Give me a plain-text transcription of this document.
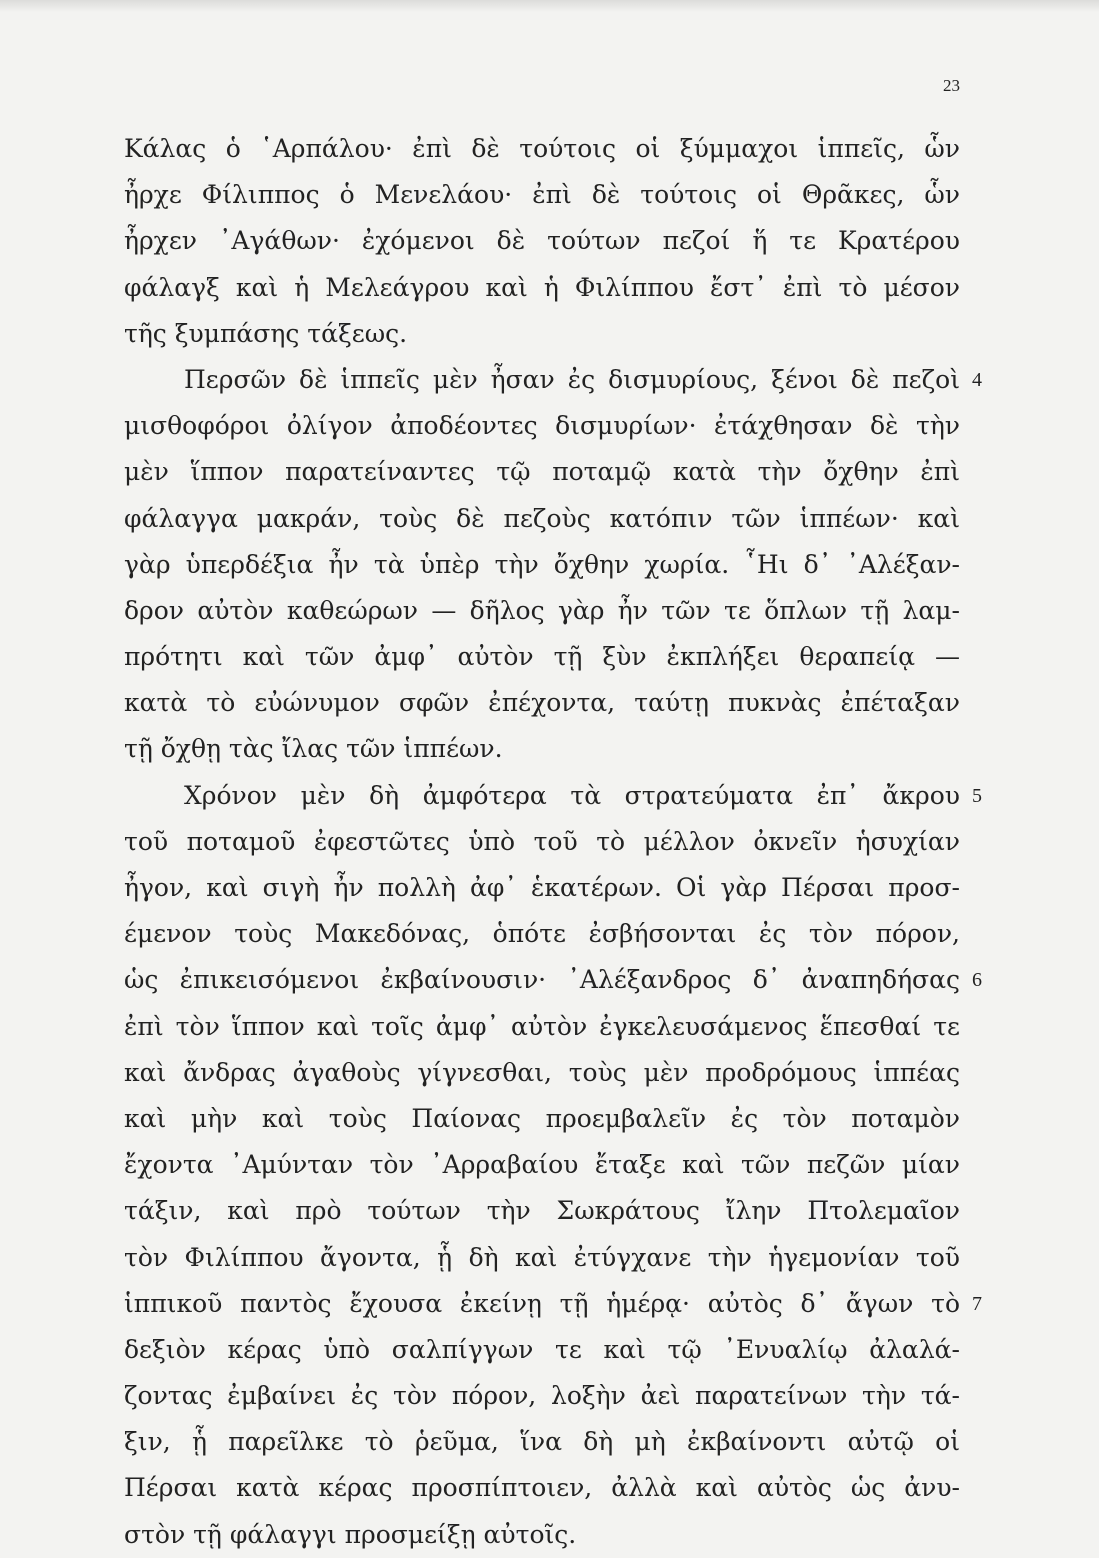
23
Κάλας ὁ ῾Αρπάλου· ἐπὶ δὲ τούτοις οἱ ξύμμαχοι ἱππεῖς, ὧν
ἦρχε Φίλιππος ὁ Μενελάου· ἐπὶ δὲ τούτοις οἱ Θρᾶκες, ὧν
ἦρχεν ᾿Αγάθων· ἐχόμενοι δὲ τούτων πεζοί ἥ τε Κρατέρου
φάλαγξ καὶ ἡ Μελεάγρου καὶ ἡ Φιλίππου ἔστ᾿ ἐπὶ τὸ μέσον
τῆς ξυμπάσης τάξεως.
Περσῶν δὲ ἱππεῖς μὲν ἦσαν ἐς δισμυρίους, ξένοι δὲ πεζοὶ 4
μισθοφόροι ὀλίγον ἀποδέοντες δισμυρίων· ἐτάχθησαν δὲ τὴν
μὲν ἵππον παρατείναντες τῷ ποταμῷ κατὰ τὴν ὄχθην ἐπὶ
φάλαγγα μακράν, τοὺς δὲ πεζοὺς κατόπιν τῶν ἱππέων· καὶ
γὰρ ὑπερδέξια ἦν τὰ ὑπὲρ τὴν ὄχθην χωρία. ῟Ηι δ᾿ ᾿Αλέξαν-
δρον αὐτὸν καθεώρων — δῆλος γὰρ ἦν τῶν τε ὅπλων τῇ λαμ-
πρότητι καὶ τῶν ἀμφ᾿ αὐτὸν τῇ ξὺν ἐκπλήξει θεραπείᾳ —
κατὰ τὸ εὐώνυμον σφῶν ἐπέχοντα, ταύτῃ πυκνὰς ἐπέταξαν
τῇ ὄχθῃ τὰς ἴλας τῶν ἱππέων.
Χρόνον μὲν δὴ ἀμφότερα τὰ στρατεύματα ἐπ᾿ ἄκρου 5
τοῦ ποταμοῦ ἐφεστῶτες ὑπὸ τοῦ τὸ μέλλον ὀκνεῖν ἡσυχίαν
ἦγον, καὶ σιγὴ ἦν πολλὴ ἀφ᾿ ἑκατέρων. Οἱ γὰρ Πέρσαι προσ-
έμενον τοὺς Μακεδόνας, ὁπότε ἐσβήσονται ἐς τὸν πόρον,
ὡς ἐπικεισόμενοι ἐκβαίνουσιν· ᾿Αλέξανδρος δ᾿ ἀναπηδήσας 6
ἐπὶ τὸν ἵππον καὶ τοῖς ἀμφ᾿ αὐτὸν ἐγκελευσάμενος ἕπεσθαί τε
καὶ ἄνδρας ἀγαθοὺς γίγνεσθαι, τοὺς μὲν προδρόμους ἱππέας
καὶ μὴν καὶ τοὺς Παίονας προεμβαλεῖν ἐς τὸν ποταμὸν
ἔχοντα ᾿Αμύνταν τὸν ᾿Αρραβαίου ἔταξε καὶ τῶν πεζῶν μίαν
τάξιν, καὶ πρὸ τούτων τὴν Σωκράτους ἴλην Πτολεμαῖον
τὸν Φιλίππου ἄγοντα, ᾗ δὴ καὶ ἐτύγχανε τὴν ἡγεμονίαν τοῦ
ἱππικοῦ παντὸς ἔχουσα ἐκείνῃ τῇ ἡμέρᾳ· αὐτὸς δ᾿ ἄγων τὸ 7
δεξιὸν κέρας ὑπὸ σαλπίγγων τε καὶ τῷ ᾿Ενυαλίῳ ἀλαλά-
ζοντας ἐμβαίνει ἐς τὸν πόρον, λοξὴν ἀεὶ παρατείνων τὴν τά-
ξιν, ᾗ παρεῖλκε τὸ ῥεῦμα, ἵνα δὴ μὴ ἐκβαίνοντι αὐτῷ οἱ
Πέρσαι κατὰ κέρας προσπίπτοιεν, ἀλλὰ καὶ αὐτὸς ὡς ἀνυ-
στὸν τῇ φάλαγγι προσμείξῃ αὐτοῖς.
